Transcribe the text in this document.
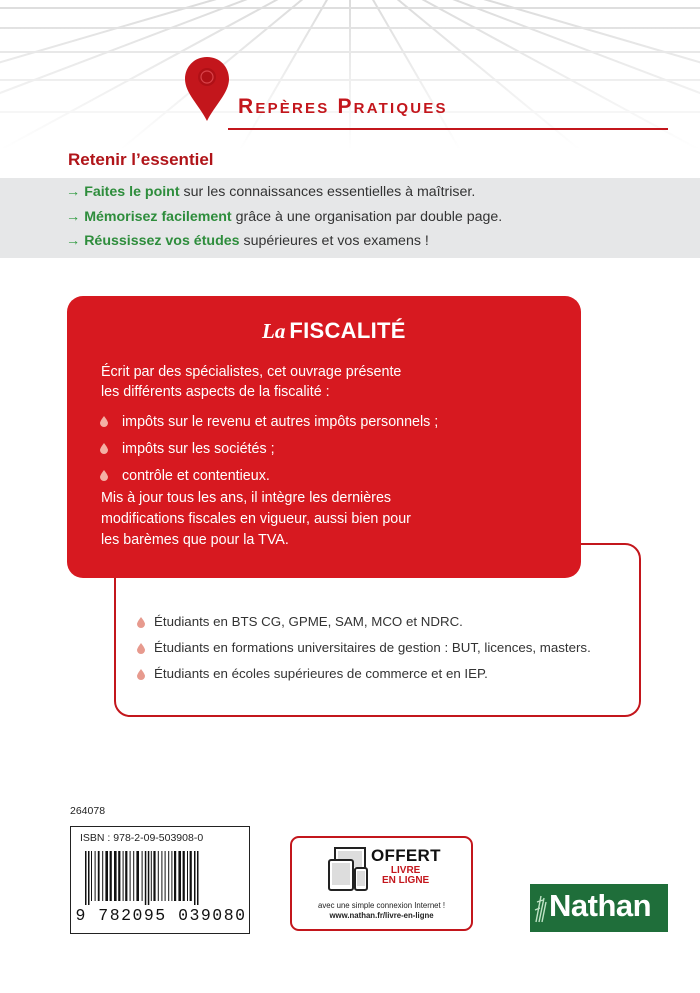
Repères Pratiques
Retenir l’essentiel
→ Faites le point sur les connaissances essentielles à maîtriser.
→ Mémorisez facilement grâce à une organisation par double page.
→ Réussissez vos études supérieures et vos examens !
Étudiants en BTS CG, GPME, SAM, MCO et NDRC.
Étudiants en formations universitaires de gestion : BUT, licences, masters.
Étudiants en écoles supérieures de commerce et en IEP.
La FISCALITÉ
Écrit par des spécialistes, cet ouvrage présente
les différents aspects de la fiscalité :
impôts sur le revenu et autres impôts personnels ;
impôts sur les sociétés ;
contrôle et contentieux.
Mis à jour tous les ans, il intègre les dernières
modifications fiscales en vigueur, aussi bien pour
les barèmes que pour la TVA.
264078
ISBN : 978-2-09-503908-0
9 782095 039080
OFFERT
LIVRE
EN LIGNE
avec une simple connexion Internet !
www.nathan.fr/livre-en-ligne	Nathan
